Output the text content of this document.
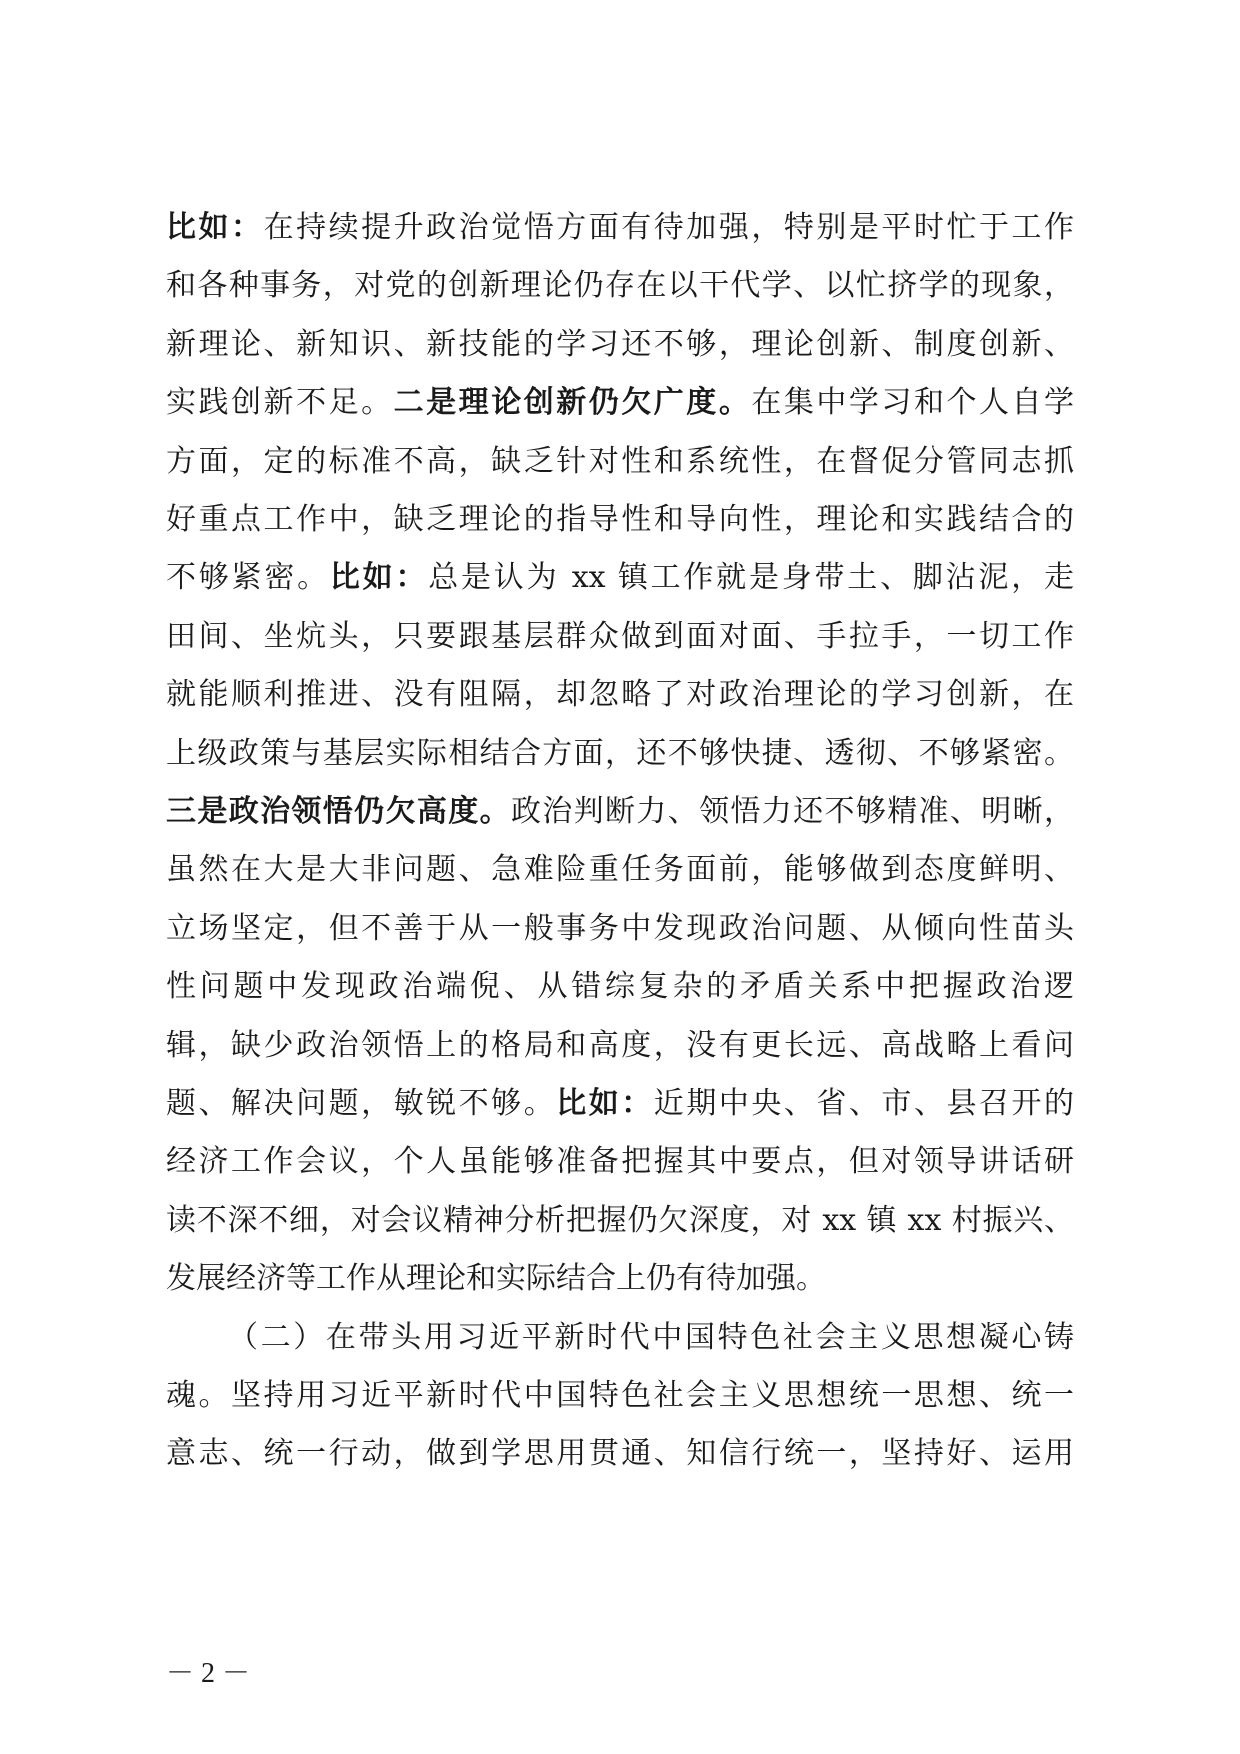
比如：在持续提升政治觉悟方面有待加强，特别是平时忙于工作
和各种事务，对党的创新理论仍存在以干代学、以忙挤学的现象，
新理论、新知识、新技能的学习还不够，理论创新、制度创新、
实践创新不足。二是理论创新仍欠广度。在集中学习和个人自学
方面，定的标准不高，缺乏针对性和系统性，在督促分管同志抓
好重点工作中，缺乏理论的指导性和导向性，理论和实践结合的
不够紧密。比如：总是认为 xx 镇工作就是身带土、脚沾泥，走
田间、坐炕头，只要跟基层群众做到面对面、手拉手，一切工作
就能顺利推进、没有阻隔，却忽略了对政治理论的学习创新，在
上级政策与基层实际相结合方面，还不够快捷、透彻、不够紧密。
三是政治领悟仍欠高度。政治判断力、领悟力还不够精准、明晰，
虽然在大是大非问题、急难险重任务面前，能够做到态度鲜明、
立场坚定，但不善于从一般事务中发现政治问题、从倾向性苗头
性问题中发现政治端倪、从错综复杂的矛盾关系中把握政治逻
辑，缺少政治领悟上的格局和高度，没有更长远、高战略上看问
题、解决问题，敏锐不够。比如：近期中央、省、市、县召开的
经济工作会议，个人虽能够准备把握其中要点，但对领导讲话研
读不深不细，对会议精神分析把握仍欠深度，对 xx 镇 xx 村振兴、
发展经济等工作从理论和实际结合上仍有待加强。
（二）在带头用习近平新时代中国特色社会主义思想凝心铸
魂。坚持用习近平新时代中国特色社会主义思想统一思想、统一
意志、统一行动，做到学思用贯通、知信行统一，坚持好、运用
－ 2 －
